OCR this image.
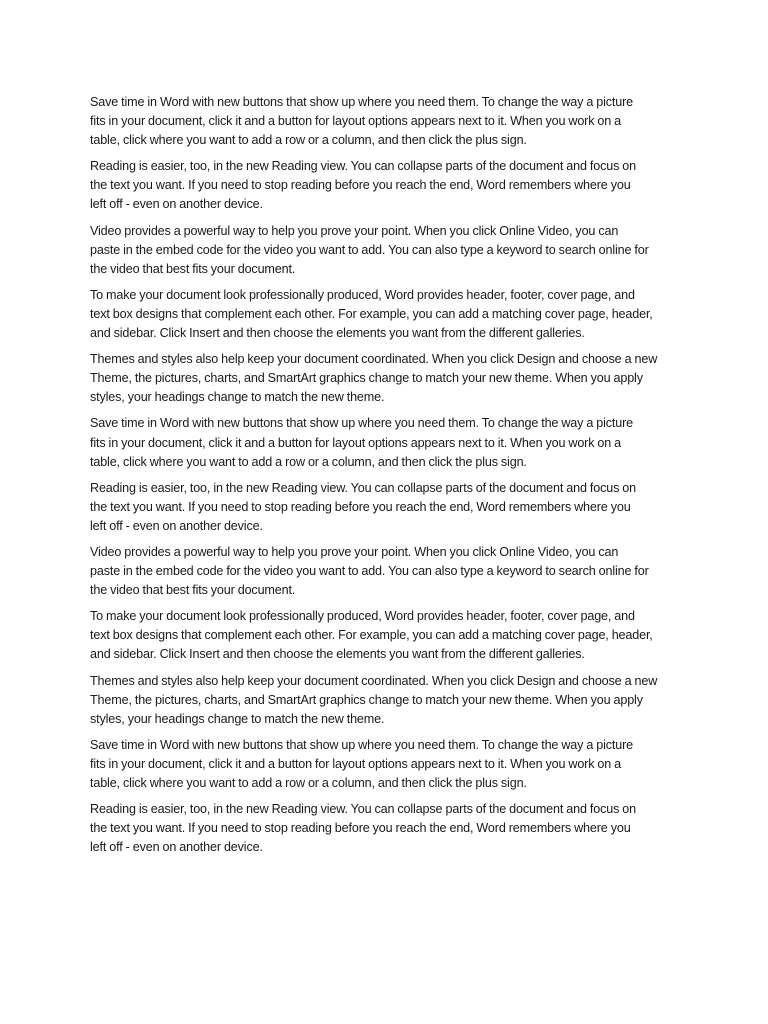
Save time in Word with new buttons that show up where you need them. To change the way a picture
fits in your document, click it and a button for layout options appears next to it. When you work on a
table, click where you want to add a row or a column, and then click the plus sign.

Reading is easier, too, in the new Reading view. You can collapse parts of the document and focus on
the text you want. If you need to stop reading before you reach the end, Word remembers where you
left off - even on another device.

Video provides a powerful way to help you prove your point. When you click Online Video, you can
paste in the embed code for the video you want to add. You can also type a keyword to search online for
the video that best fits your document.

To make your document look professionally produced, Word provides header, footer, cover page, and
text box designs that complement each other. For example, you can add a matching cover page, header,
and sidebar. Click Insert and then choose the elements you want from the different galleries.

Themes and styles also help keep your document coordinated. When you click Design and choose a new
Theme, the pictures, charts, and SmartArt graphics change to match your new theme. When you apply
styles, your headings change to match the new theme.

Save time in Word with new buttons that show up where you need them. To change the way a picture
fits in your document, click it and a button for layout options appears next to it. When you work on a
table, click where you want to add a row or a column, and then click the plus sign.

Reading is easier, too, in the new Reading view. You can collapse parts of the document and focus on
the text you want. If you need to stop reading before you reach the end, Word remembers where you
left off - even on another device.

Video provides a powerful way to help you prove your point. When you click Online Video, you can
paste in the embed code for the video you want to add. You can also type a keyword to search online for
the video that best fits your document.

To make your document look professionally produced, Word provides header, footer, cover page, and
text box designs that complement each other. For example, you can add a matching cover page, header,
and sidebar. Click Insert and then choose the elements you want from the different galleries.

Themes and styles also help keep your document coordinated. When you click Design and choose a new
Theme, the pictures, charts, and SmartArt graphics change to match your new theme. When you apply
styles, your headings change to match the new theme.

Save time in Word with new buttons that show up where you need them. To change the way a picture
fits in your document, click it and a button for layout options appears next to it. When you work on a
table, click where you want to add a row or a column, and then click the plus sign.

Reading is easier, too, in the new Reading view. You can collapse parts of the document and focus on
the text you want. If you need to stop reading before you reach the end, Word remembers where you
left off - even on another device.
